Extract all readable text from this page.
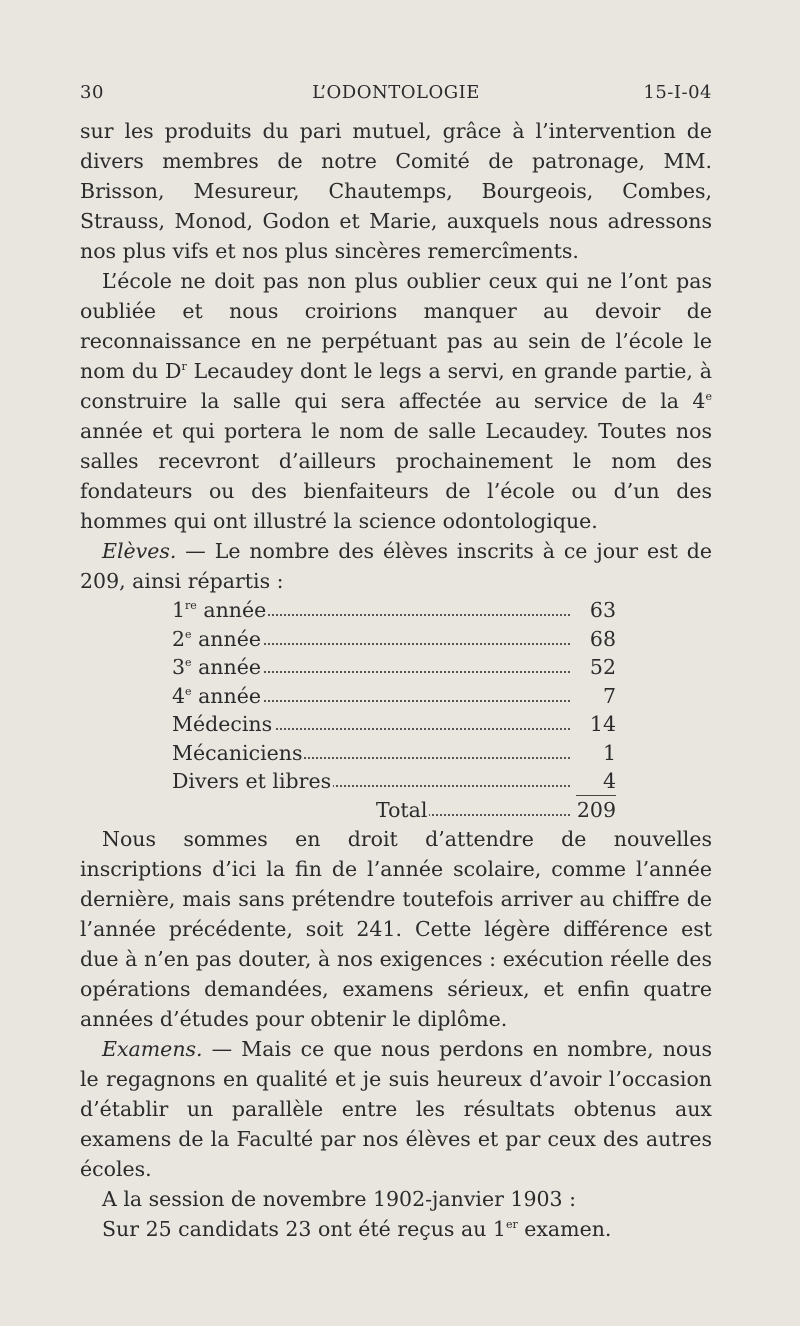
30	L’ODONTOLOGIE	15-I-04

sur les produits du pari mutuel, grâce à l’intervention de divers membres de notre Comité de patronage, MM. Brisson, Mesureur, Chautemps, Bourgeois, Combes, Strauss, Monod, Godon et Marie, auxquels nous adressons nos plus vifs et nos plus sincères remercîments.

L’école ne doit pas non plus oublier ceux qui ne l’ont pas oubliée et nous croirions manquer au devoir de reconnaissance en ne perpétuant pas au sein de l’école le nom du $D^r$ Lecaudey dont le legs a servi, en grande partie, à construire la salle qui sera affectée au service de la 4e année et qui portera le nom de salle Lecaudey. Toutes nos salles recevront d’ailleurs prochainement le nom des fondateurs ou des bienfaiteurs de l’école ou d’un des hommes qui ont illustré la science odontologique.

Elèves. — Le nombre des élèves inscrits à ce jour est de 209, ainsi répartis :

1re année	63
2e année	68
3e année	52
4e année	7
Médecins	14
Mécaniciens	1
Divers et libres	4
Total	209

Nous sommes en droit d’attendre de nouvelles inscriptions d’ici la fin de l’année scolaire, comme l’année dernière, mais sans prétendre toutefois arriver au chiffre de l’année précédente, soit 241. Cette légère différence est due à n’en pas douter, à nos exigences : exécution réelle des opérations demandées, examens sérieux, et enfin quatre années d’études pour obtenir le diplôme.

Examens. — Mais ce que nous perdons en nombre, nous le regagnons en qualité et je suis heureux d’avoir l’occasion d’établir un parallèle entre les résultats obtenus aux examens de la Faculté par nos élèves et par ceux des autres écoles.

A la session de novembre 1902-janvier 1903 :

Sur 25 candidats 23 ont été reçus au 1er examen.
